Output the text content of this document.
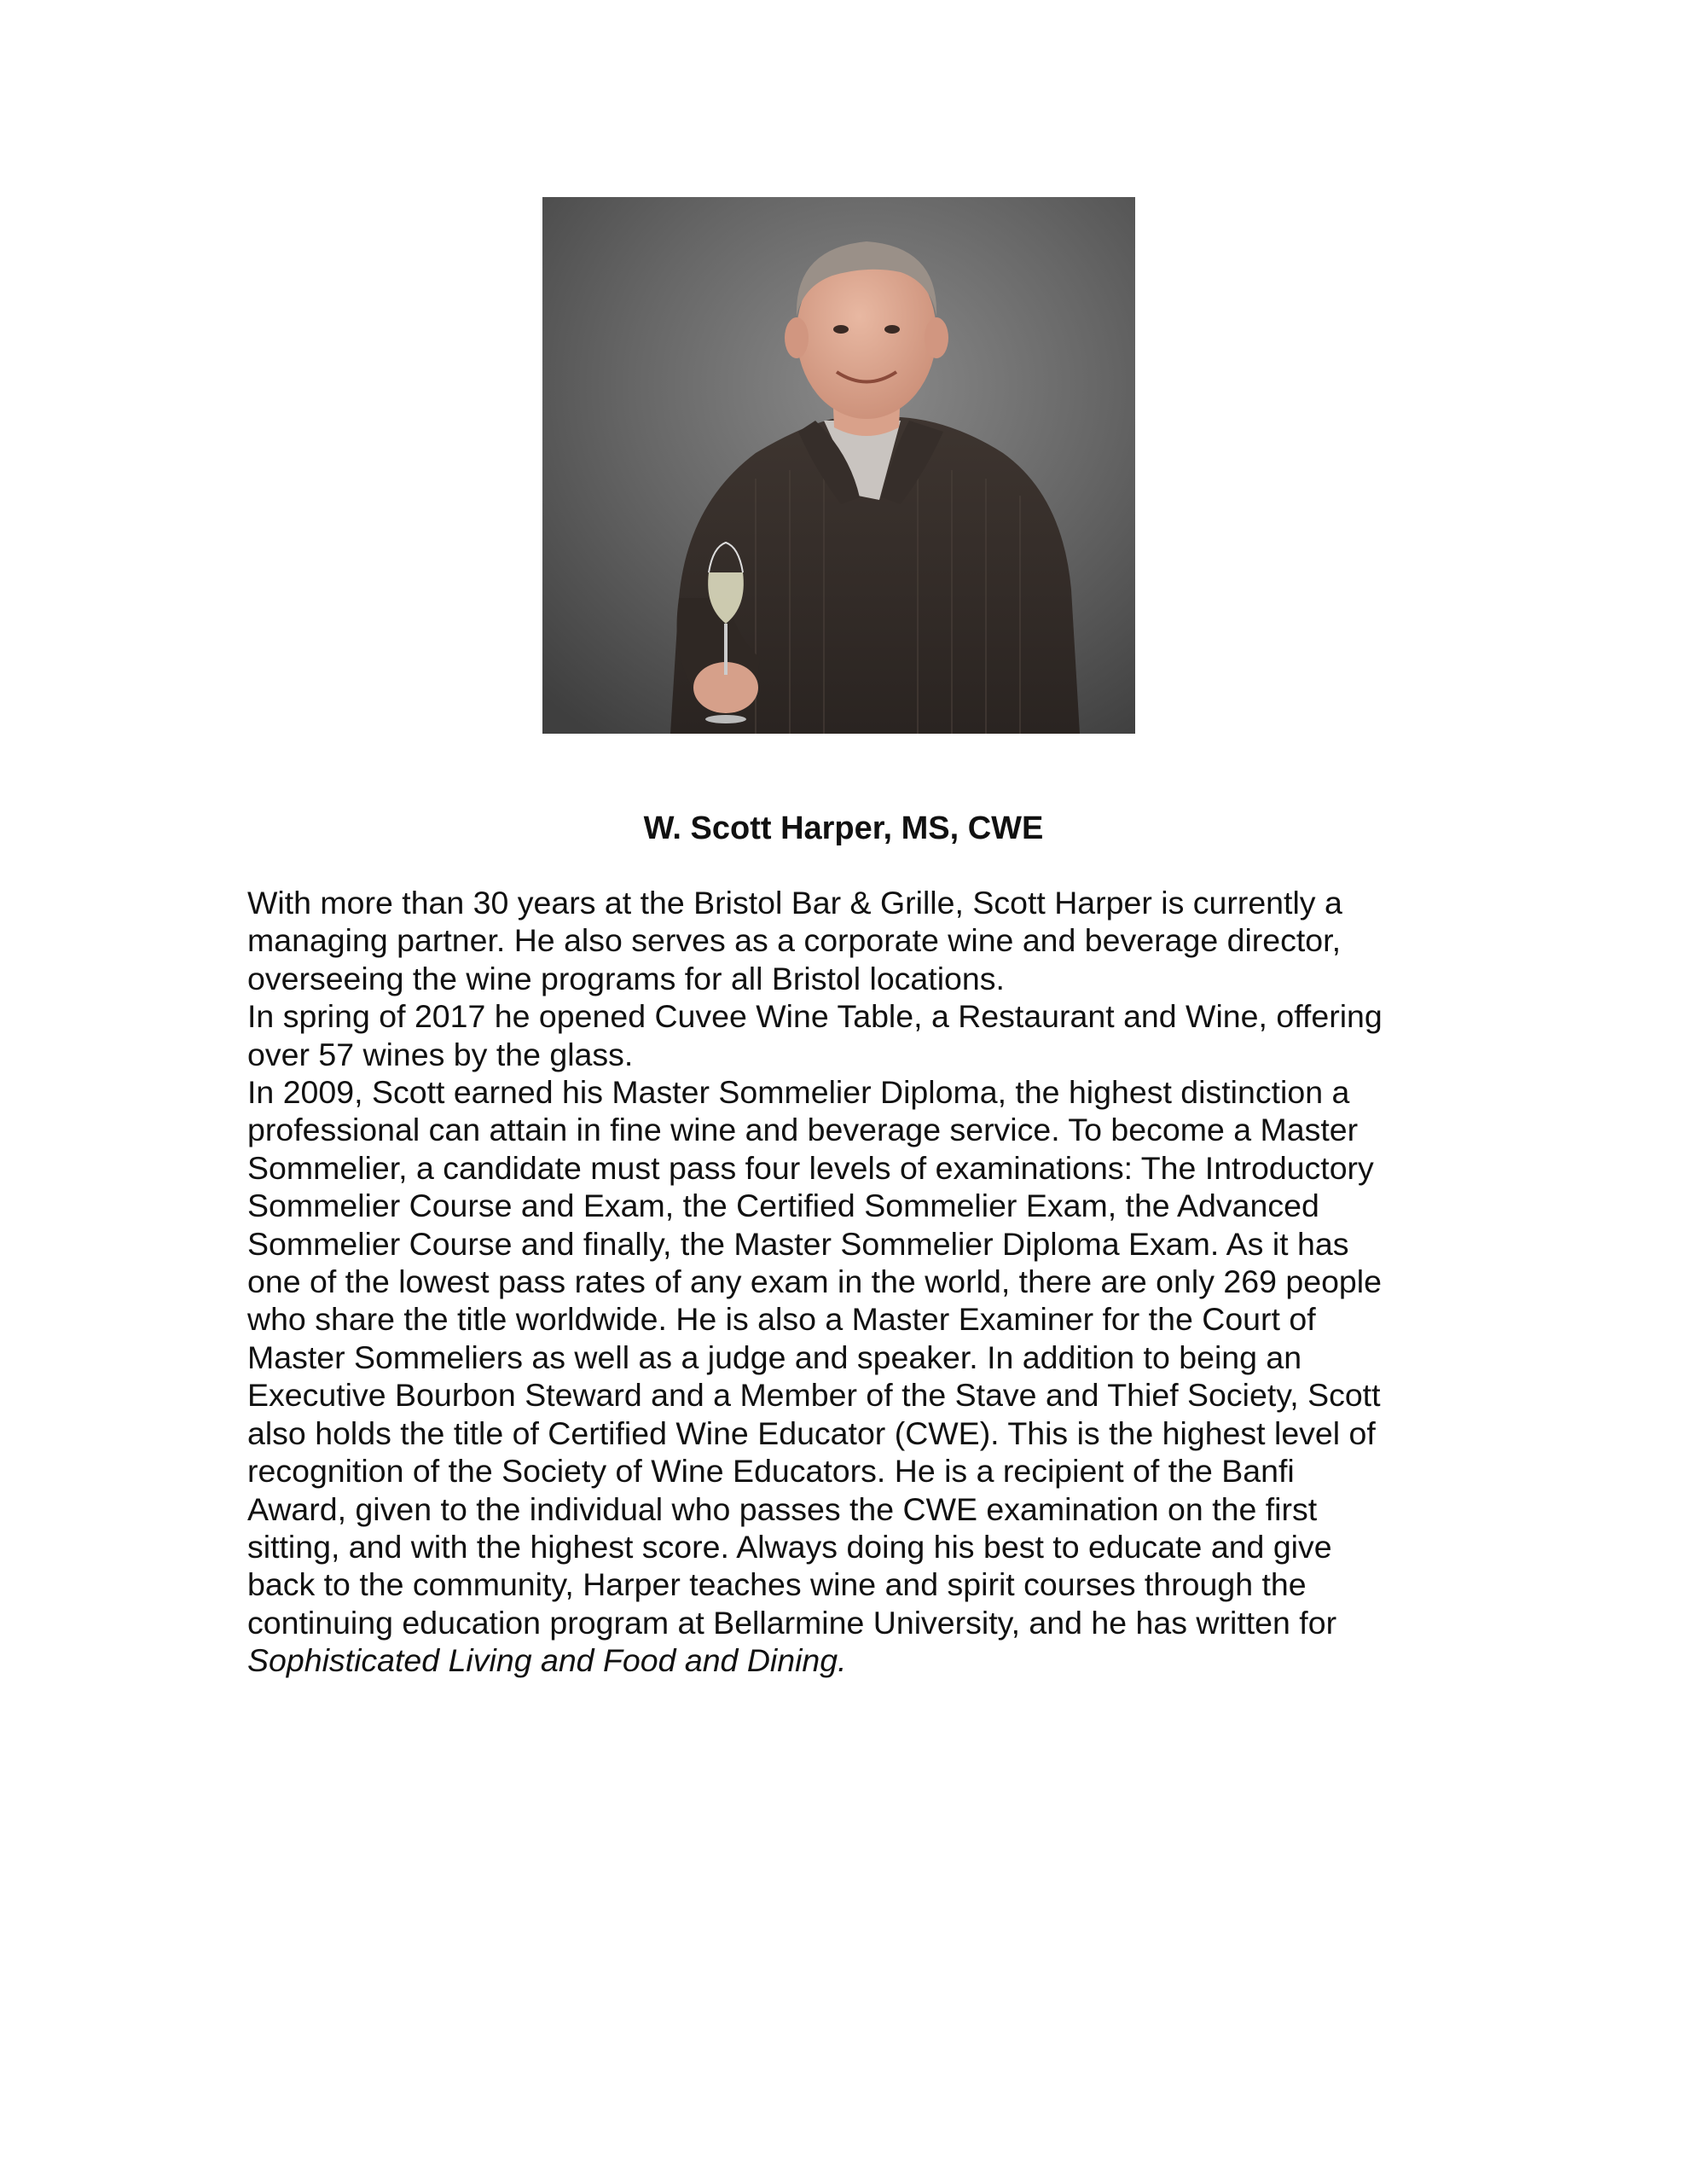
W. Scott Harper, MS, CWE
With more than 30 years at the Bristol Bar & Grille, Scott Harper is currently a
managing partner. He also serves as a corporate wine and beverage director,
overseeing the wine programs for all Bristol locations.
In spring of 2017 he opened Cuvee Wine Table, a Restaurant and Wine, offering
over 57 wines by the glass.
In 2009, Scott earned his Master Sommelier Diploma, the highest distinction a
professional can attain in fine wine and beverage service. To become a Master
Sommelier, a candidate must pass four levels of examinations: The Introductory
Sommelier Course and Exam, the Certified Sommelier Exam, the Advanced
Sommelier Course and finally, the Master Sommelier Diploma Exam. As it has
one of the lowest pass rates of any exam in the world, there are only 269 people
who share the title worldwide. He is also a Master Examiner for the Court of
Master Sommeliers as well as a judge and speaker. In addition to being an
Executive Bourbon Steward and a Member of the Stave and Thief Society, Scott
also holds the title of Certified Wine Educator (CWE). This is the highest level of
recognition of the Society of Wine Educators. He is a recipient of the Banfi
Award, given to the individual who passes the CWE examination on the first
sitting, and with the highest score. Always doing his best to educate and give
back to the community, Harper teaches wine and spirit courses through the
continuing education program at Bellarmine University, and he has written for
Sophisticated Living and Food and Dining.
